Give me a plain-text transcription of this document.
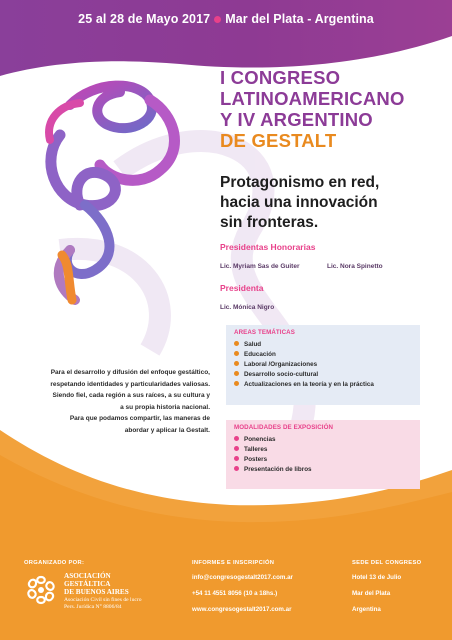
25 al 28 de Mayo 2017 Mar del Plata - Argentina
I CONGRESO
LATINOAMERICANO
Y IV ARGENTINO
DE GESTALT
Protagonismo en red,
hacia una innovación
sin fronteras.
Presidentas Honorarias
Lic. Myriam Sas de Guiter	Lic. Nora Spinetto
Presidenta
Lic. Mónica Nigro
AREAS TEMÁTICAS
Salud
Educación
Laboral /Organizaciones
Desarrollo socio-cultural
Actualizaciones en la teoría y en la práctica
Para el desarrollo y difusión del enfoque gestáltico,
respetando identidades y particularidades valiosas.
Siendo fiel, cada región a sus raíces, a su cultura y
a su propia historia nacional.
Para que podamos compartir, las maneras de
abordar y aplicar la Gestalt.	MODALIDADES DE EXPOSICIÓN
Ponencias
Talleres
Posters
Presentación de libros
ORGANIZADO POR:
ASOCIACIÓN
GESTÁLTICA
DE BUENOS AIRES
Asociación Civil sin fines de lucro
Pers. Jurídica N° 8806/84
INFORMES E INSCRIPCIÓN
info@congresogestalt2017.com.ar
+54 11 4551 8056 (10 a 18hs.)
www.congresogestalt2017.com.ar
SEDE DEL CONGRESO
Hotel 13 de Julio
Mar del Plata
Argentina
